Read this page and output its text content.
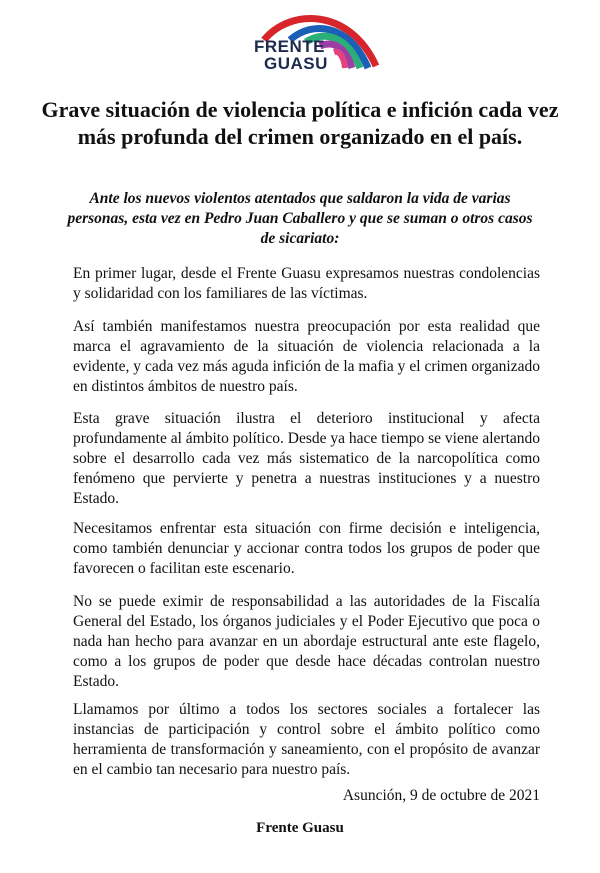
FRENTE
GUASU
Grave situación de violencia política e infición cada vez más profunda del crimen organizado en el país.

Ante los nuevos violentos atentados que saldaron la vida de varias personas, esta vez en Pedro Juan Caballero y que se suman o otros casos de sicariato:

En primer lugar, desde el Frente Guasu expresamos nuestras condolencias y solidaridad con los familiares de las víctimas.

Así también manifestamos nuestra preocupación por esta realidad que marca el agravamiento de la situación de violencia relacionada a la evidente, y cada vez más aguda infición de la mafia y el crimen organizado en distintos ámbitos de nuestro país.

Esta grave situación ilustra el deterioro institucional y afecta profundamente al ámbito político. Desde ya hace tiempo se viene alertando sobre el desarrollo cada vez más sistematico de la narcopolítica como fenómeno que pervierte y penetra a nuestras instituciones y a nuestro Estado.

Necesitamos enfrentar esta situación con firme decisión e inteligencia, como también denunciar y accionar contra todos los grupos de poder que favorecen o facilitan este escenario.

No se puede eximir de responsabilidad a las autoridades de la Fiscalía General del Estado, los órganos judiciales y el Poder Ejecutivo que poca o nada han hecho para avanzar en un abordaje estructural ante este flagelo, como a los grupos de poder que desde hace décadas controlan nuestro Estado.

Llamamos por último a todos los sectores sociales a fortalecer las instancias de participación y control sobre el ámbito político como herramienta de transformación y saneamiento, con el propósito de avanzar en el cambio tan necesario para nuestro país.

Asunción, 9 de octubre de 2021
Frente Guasu
